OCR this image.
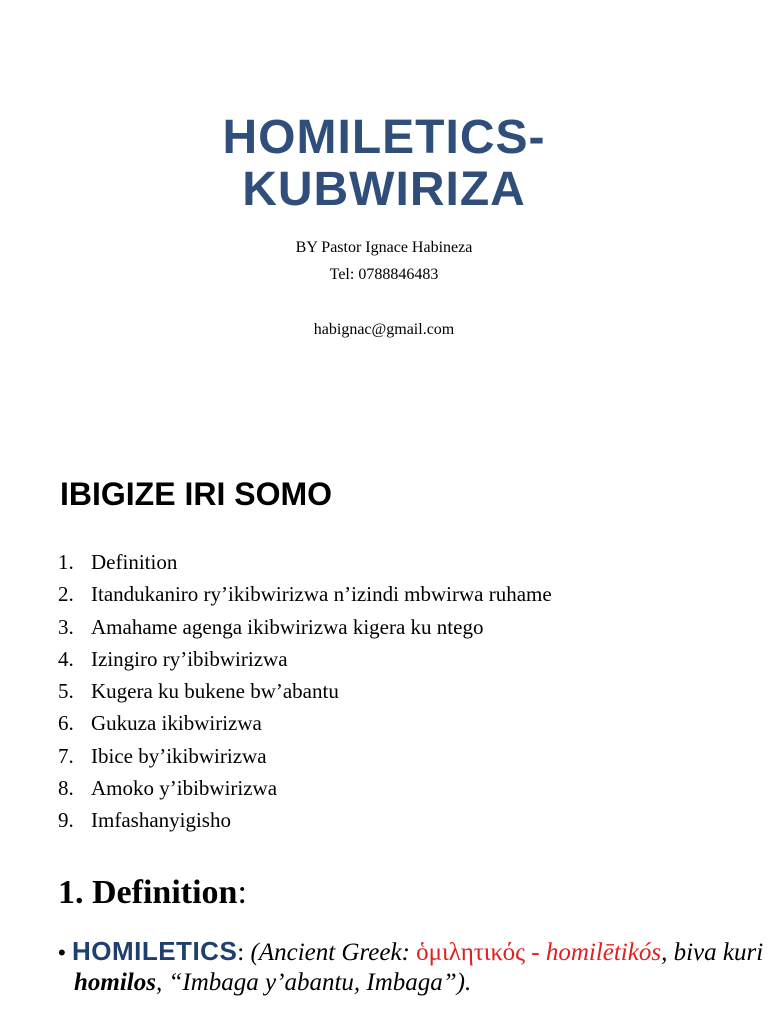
HOMILETICS-
KUBWIRIZA
BY Pastor Ignace Habineza
Tel: 0788846483
habignac@gmail.com
IBIGIZE IRI SOMO
1. Definition
2. Itandukaniro ry’ikibwirizwa n’izindi mbwirwa ruhame
3. Amahame agenga ikibwirizwa kigera ku ntego
4. Izingiro ry’ibibwirizwa
5. Kugera ku bukene bw’abantu
6. Gukuza ikibwirizwa
7. Ibice by’ikibwirizwa
8. Amoko y’ibibwirizwa
9. Imfashanyigisho
1. Definition:

• HOMILETICS: (Ancient Greek: ὁμιλητικός - homilētikós, biva kuri homilos, “Imbaga y’abantu, Imbaga”).
